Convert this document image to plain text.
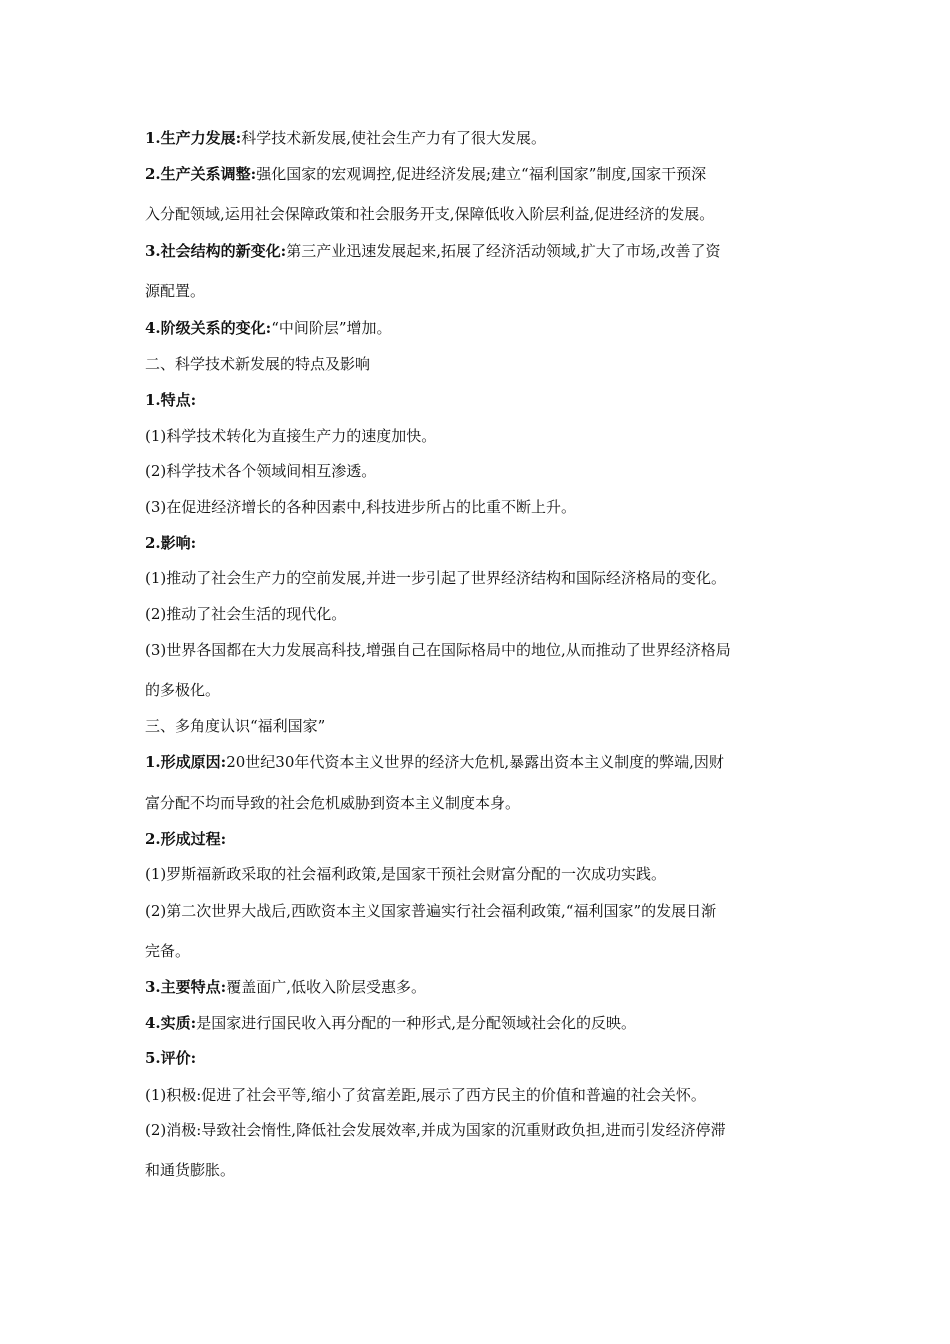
1.生产力发展:科学技术新发展,使社会生产力有了很大发展。
2.生产关系调整:强化国家的宏观调控,促进经济发展;建立“福利国家”制度,国家干预深
入分配领域,运用社会保障政策和社会服务开支,保障低收入阶层利益,促进经济的发展。
3.社会结构的新变化:第三产业迅速发展起来,拓展了经济活动领域,扩大了市场,改善了资
源配置。
4.阶级关系的变化:“中间阶层”增加。
二、科学技术新发展的特点及影响
1.特点:
(1)科学技术转化为直接生产力的速度加快。
(2)科学技术各个领域间相互渗透。
(3)在促进经济增长的各种因素中,科技进步所占的比重不断上升。
2.影响:
(1)推动了社会生产力的空前发展,并进一步引起了世界经济结构和国际经济格局的变化。
(2)推动了社会生活的现代化。
(3)世界各国都在大力发展高科技,增强自己在国际格局中的地位,从而推动了世界经济格局
的多极化。
三、多角度认识“福利国家”
1.形成原因:20世纪30年代资本主义世界的经济大危机,暴露出资本主义制度的弊端,因财
富分配不均而导致的社会危机威胁到资本主义制度本身。
2.形成过程:
(1)罗斯福新政采取的社会福利政策,是国家干预社会财富分配的一次成功实践。
(2)第二次世界大战后,西欧资本主义国家普遍实行社会福利政策,“福利国家”的发展日渐
完备。
3.主要特点:覆盖面广,低收入阶层受惠多。
4.实质:是国家进行国民收入再分配的一种形式,是分配领域社会化的反映。
5.评价:
(1)积极:促进了社会平等,缩小了贫富差距,展示了西方民主的价值和普遍的社会关怀。
(2)消极:导致社会惰性,降低社会发展效率,并成为国家的沉重财政负担,进而引发经济停滞
和通货膨胀。
